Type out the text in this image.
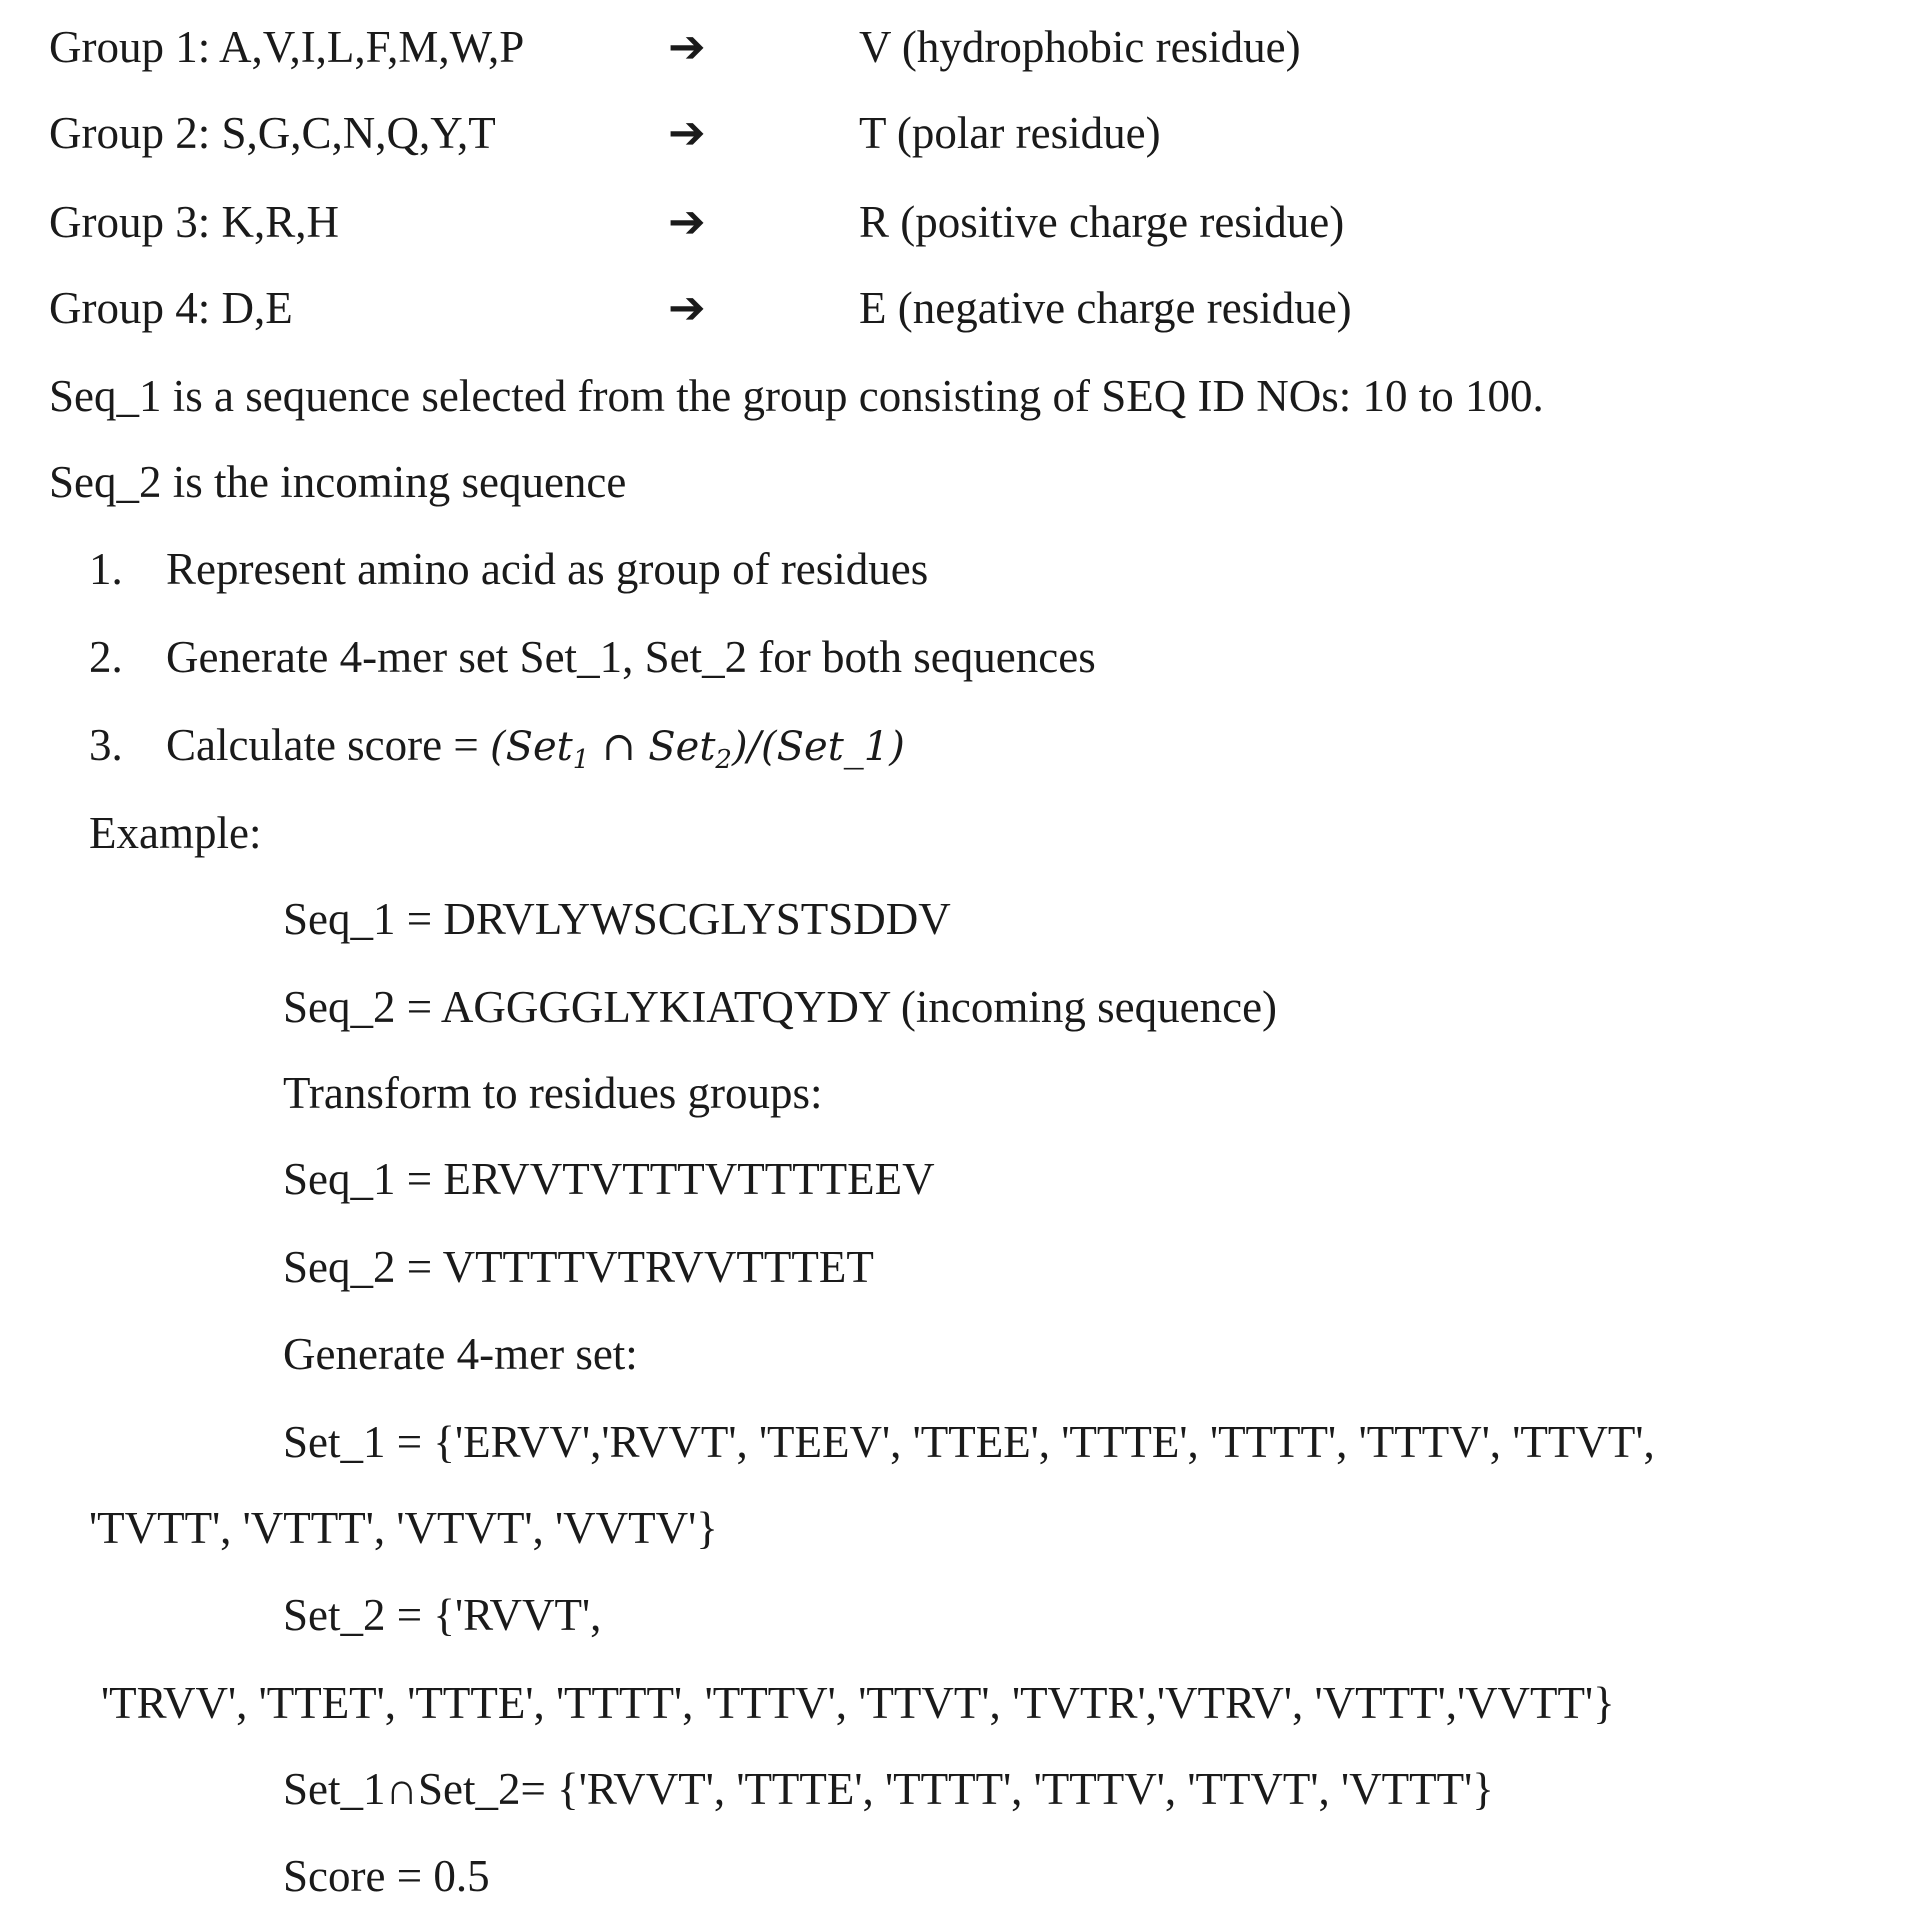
Group 1: A,V,I,L,F,M,W,P	➔	V (hydrophobic residue)
Group 2: S,G,C,N,Q,Y,T	➔	T (polar residue)
Group 3: K,R,H	➔	R (positive charge residue)
Group 4: D,E	➔	E (negative charge residue)
Seq_1 is a sequence selected from the group consisting of SEQ ID NOs: 10 to 100.
Seq_2 is the incoming sequence
1. Represent amino acid as group of residues
2. Generate 4-mer set Set_1, Set_2 for both sequences
3. Calculate score = (Set$_1$ ∩ Set$_2$)/(Set_1)
Example:
Seq_1 = DRVLYWSCGLYSTSDDV
Seq_2 = AGGGGLYKIATQYDY (incoming sequence)
Transform to residues groups:
Seq_1 = ERVVTVTTTVTTTTEEV
Seq_2 = VTTTTVTRVVTTTET
Generate 4-mer set:
Set_1 = {'ERVV','RVVT', 'TEEV', 'TTEE', 'TTTE', 'TTTT', 'TTTV', 'TTVT',
'TVTT', 'VTTT', 'VTVT', 'VVTV'}
Set_2 = {'RVVT',
'TRVV', 'TTET', 'TTTE', 'TTTT', 'TTTV', 'TTVT', 'TVTR','VTRV', 'VTTT','VVTT'}
Set_1∩Set_2= {'RVVT', 'TTTE', 'TTTT', 'TTTV', 'TTVT', 'VTTT'}
Score = 0.5
